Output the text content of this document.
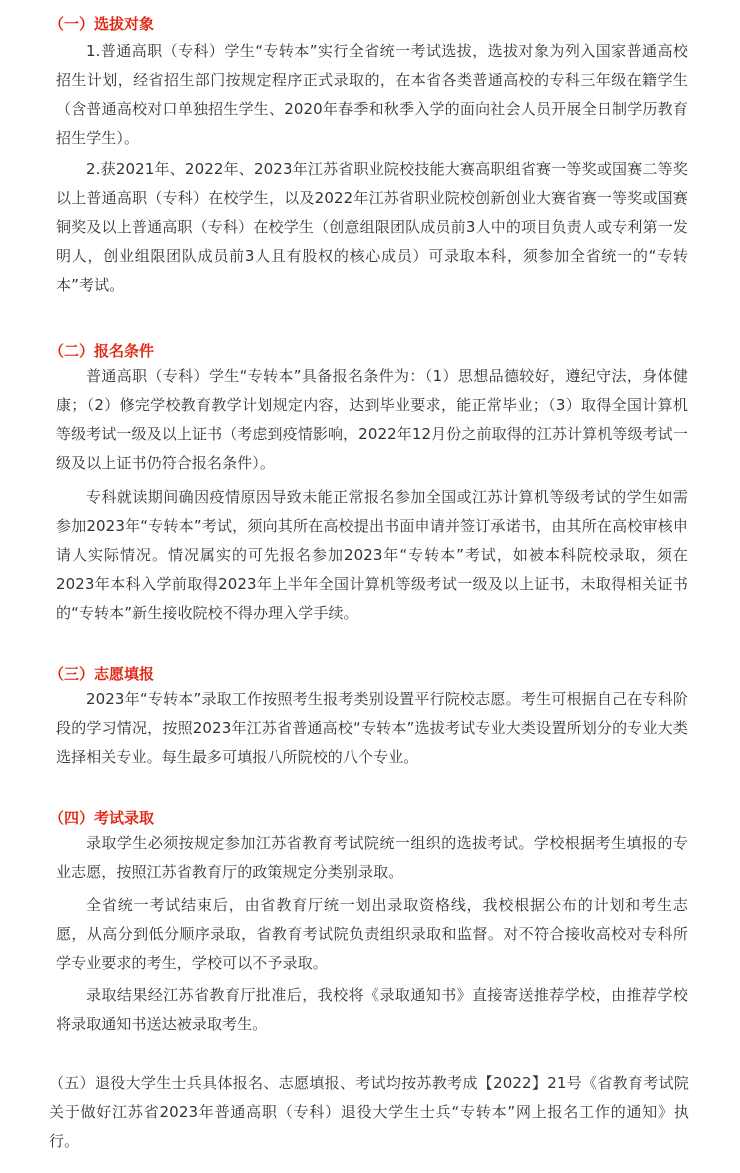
（一）选拔对象
1.普通高职（专科）学生“专转本”实行全省统一考试选拔，选拔对象为列入国家普通高校招生计划，经省招生部门按规定程序正式录取的，在本省各类普通高校的专科三年级在籍学生（含普通高校对口单独招生学生、2020年春季和秋季入学的面向社会人员开展全日制学历教育招生学生）。
2.获2021年、2022年、2023年江苏省职业院校技能大赛高职组省赛一等奖或国赛二等奖以上普通高职（专科）在校学生，以及2022年江苏省职业院校创新创业大赛省赛一等奖或国赛铜奖及以上普通高职（专科）在校学生（创意组限团队成员前3人中的项目负责人或专利第一发明人，创业组限团队成员前3人且有股权的核心成员）可录取本科，须参加全省统一的“专转本”考试。
（二）报名条件
普通高职（专科）学生“专转本”具备报名条件为：（1）思想品德较好，遵纪守法，身体健康；（2）修完学校教育教学计划规定内容，达到毕业要求，能正常毕业；（3）取得全国计算机等级考试一级及以上证书（考虑到疫情影响，2022年12月份之前取得的江苏计算机等级考试一级及以上证书仍符合报名条件）。
专科就读期间确因疫情原因导致未能正常报名参加全国或江苏计算机等级考试的学生如需参加2023年“专转本”考试，须向其所在高校提出书面申请并签订承诺书，由其所在高校审核申请人实际情况。情况属实的可先报名参加2023年“专转本”考试，如被本科院校录取，须在2023年本科入学前取得2023年上半年全国计算机等级考试一级及以上证书，未取得相关证书的“专转本”新生接收院校不得办理入学手续。
（三）志愿填报
2023年“专转本”录取工作按照考生报考类别设置平行院校志愿。考生可根据自己在专科阶段的学习情况，按照2023年江苏省普通高校“专转本”选拔考试专业大类设置所划分的专业大类选择相关专业。每生最多可填报八所院校的八个专业。
（四）考试录取
录取学生必须按规定参加江苏省教育考试院统一组织的选拔考试。学校根据考生填报的专业志愿，按照江苏省教育厅的政策规定分类别录取。
全省统一考试结束后，由省教育厅统一划出录取资格线，我校根据公布的计划和考生志愿，从高分到低分顺序录取，省教育考试院负责组织录取和监督。对不符合接收高校对专科所学专业要求的考生，学校可以不予录取。
录取结果经江苏省教育厅批准后，我校将《录取通知书》直接寄送推荐学校，由推荐学校将录取通知书送达被录取考生。
（五）退役大学生士兵具体报名、志愿填报、考试均按苏教考成【2022】21号《省教育考试院关于做好江苏省2023年普通高职（专科）退役大学生士兵“专转本”网上报名工作的通知》执行。
